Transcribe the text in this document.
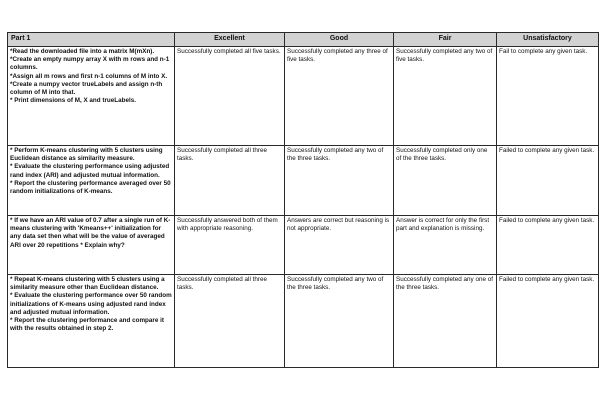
Part 1	Excellent	Good	Fair	Unsatisfactory

*Read the downloaded file into a matrix M(mXn).
*Create an empty numpy array X with m rows and n-1 columns.
*Assign all m rows and first n-1 columns of M into X.
*Create a numpy vector trueLabels and assign n-th column of M into that.
* Print dimensions of M, X and trueLabels.	Successfully completed all five tasks.	Successfully completed any three of five tasks.	Successfully completed any two of five tasks.	Fail to complete any given task.

* Perform K-means clustering with 5 clusters using Euclidean distance as similarity measure.
* Evaluate the clustering performance using adjusted rand index (ARI) and adjusted mutual information.
* Report the clustering performance averaged over 50 random initializations of K-means.	Successfully completed all three tasks.	Successfully completed any two of the three tasks.	Successfully completed only one of the three tasks.	Failed to complete any given task.

* If we have an ARI value of 0.7 after a single run of K-means clustering with 'Kmeans++' initialization for any data set then what will be the value of averaged ARI over 20 repetitions * Explain why?	Successfully answered both of them with appropriate reasoning.	Answers are correct but reasoning is not appropriate.	Answer is correct for only the first part and explanation is missing.	Failed to complete any given task.

* Repeat K-means clustering with 5 clusters using a similarity measure other than Euclidean distance.
* Evaluate the clustering performance over 50 random initializations of K-means using adjusted rand index and adjusted mutual information.
* Report the clustering performance and compare it with the results obtained in step 2.	Successfully completed all three tasks.	Successfully completed any two of the three tasks.	Successfully completed any one of the three tasks.	Failed to complete any given task.
